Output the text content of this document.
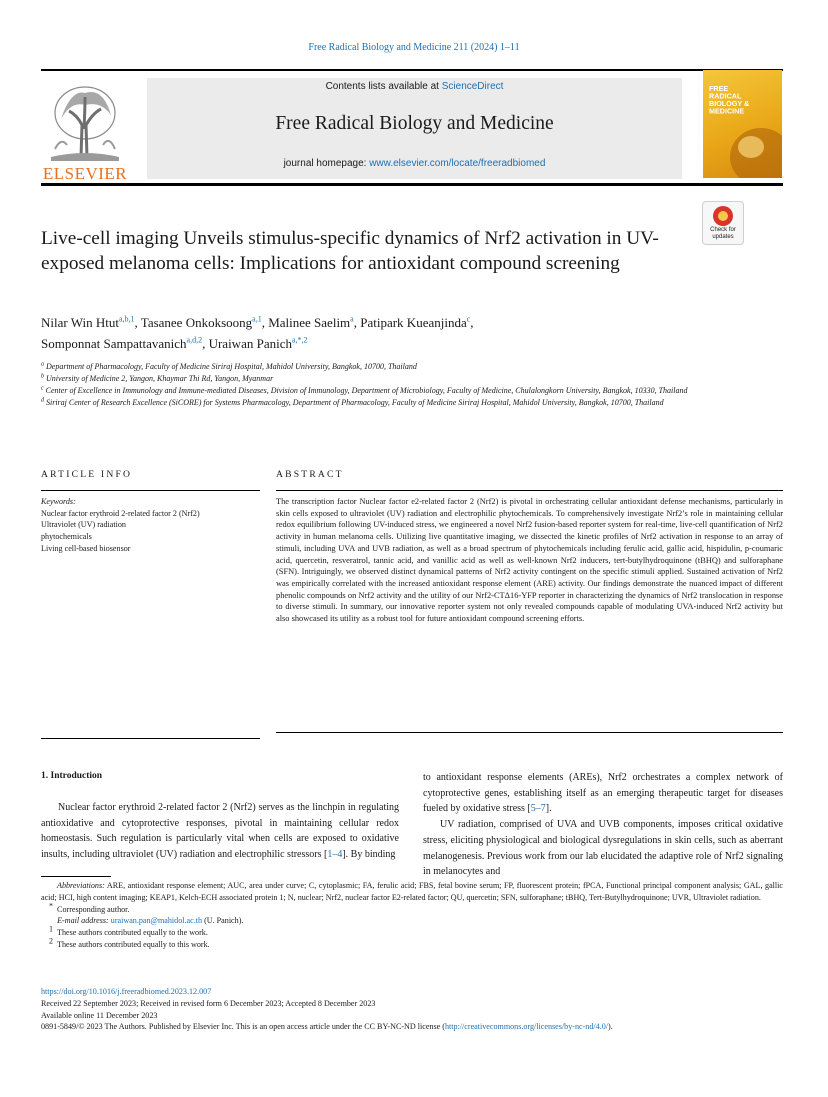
Free Radical Biology and Medicine 211 (2024) 1–11
ELSEVIER
Contents lists available at ScienceDirect
Free Radical Biology and Medicine
journal homepage: www.elsevier.com/locate/freeradbiomed
FREE RADICAL BIOLOGY & MEDICINE
Check for
updates
Live-cell imaging Unveils stimulus-specific dynamics of Nrf2 activation in UV-exposed melanoma cells: Implications for antioxidant compound screening
Nilar Win Htut$^{a,b,1}$, Tasanee Onkoksoong$^{a,1}$, Malinee Saelim$^a$, Patipark Kueanjinda$^c$,
Somponnat Sampattavanich$^{a,d,2}$, Uraiwan Panich$^{a,*,2}$

$^a$ Department of Pharmacology, Faculty of Medicine Siriraj Hospital, Mahidol University, Bangkok, 10700, Thailand

$^b$ University of Medicine 2, Yangon, Khaymar Thi Rd, Yangon, Myanmar

$^c$ Center of Excellence in Immunology and Immune-mediated Diseases, Division of Immunology, Department of Microbiology, Faculty of Medicine, Chulalongkorn University, Bangkok, 10330, Thailand

$^d$ Siriraj Center of Research Excellence (SiCORE) for Systems Pharmacology, Department of Pharmacology, Faculty of Medicine Siriraj Hospital, Mahidol University, Bangkok, 10700, Thailand

ARTICLE INFO	ABSTRACT
Keywords:
Nuclear factor erythroid 2-related factor 2 (Nrf2)
Ultraviolet (UV) radiation
phytochemicals
Living cell-based biosensor
The transcription factor Nuclear factor e2-related factor 2 (Nrf2) is pivotal in orchestrating cellular antioxidant defense mechanisms, particularly in skin cells exposed to ultraviolet (UV) radiation and electrophilic phytochemicals. To comprehensively investigate Nrf2’s role in maintaining cellular redox equilibrium following UV-induced stress, we engineered a novel Nrf2 fusion-based reporter system for real-time, live-cell quantification of Nrf2 activity in human melanoma cells. Utilizing live quantitative imaging, we dissected the kinetic profiles of Nrf2 activation in response to an array of stimuli, including UVA and UVB radiation, as well as a broad spectrum of phytochemicals including ferulic acid, gallic acid, hispidulin, p-coumaric acid, quercetin, resveratrol, tannic acid, and vanillic acid as well as well-known Nrf2 inducers, tert-butylhydroquinone (tBHQ) and sulforaphane (SFN). Intriguingly, we observed distinct dynamical patterns of Nrf2 activity contingent on the specific stimuli applied. Sustained activation of Nrf2 was empirically correlated with the increased antioxidant response element (ARE) activity. Our findings demonstrate the nuanced impact of different phenolic compounds on Nrf2 activity and the utility of our Nrf2-CTΔ16-YFP reporter in characterizing the dynamics of Nrf2 translocation in response to diverse stimuli. In summary, our innovative reporter system not only revealed compounds capable of modulating UVA-induced Nrf2 activity but also showcased its utility as a robust tool for future antioxidant compound screening efforts.
1. Introduction

Nuclear factor erythroid 2-related factor 2 (Nrf2) serves as the linchpin in regulating antioxidative and cytoprotective responses, pivotal in maintaining cellular redox homeostasis. Such regulation is particularly vital when cells are exposed to oxidative insults, including ultraviolet (UV) radiation and electrophilic stressors [1–4]. By binding

to antioxidant response elements (AREs), Nrf2 orchestrates a complex network of cytoprotective genes, establishing itself as an emerging therapeutic target for diseases fueled by oxidative stress [5–7].

UV radiation, comprised of UVA and UVB components, imposes critical oxidative stress, eliciting physiological and biological dysregulations in skin cells, such as aberrant melanogenesis. Previous work from our lab elucidated the adaptive role of Nrf2 signaling in melanocytes and

Abbreviations: ARE, antioxidant response element; AUC, area under curve; C, cytoplasmic; FA, ferulic acid; FBS, fetal bovine serum; FP, fluorescent protein; fPCA, Functional principal component analysis; GAL, gallic acid; HCI, high content imaging; KEAP1, Kelch-ECH associated protein 1; N, nuclear; Nrf2, nuclear factor E2-related factor; QU, quercetin; SFN, sulforaphane; tBHQ, Tert-Butylhydroquinone; UVR, Ultraviolet radiation.

* Corresponding author.

E-mail address: uraiwan.pan@mahidol.ac.th (U. Panich).

$^1$ These authors contributed equally to the work.

$^2$ These authors contributed equally to this work.

https://doi.org/10.1016/j.freeradbiomed.2023.12.007

Received 22 September 2023; Received in revised form 6 December 2023; Accepted 8 December 2023

Available online 11 December 2023

0891-5849/© 2023 The Authors. Published by Elsevier Inc. This is an open access article under the CC BY-NC-ND license (http://creativecommons.org/licenses/by-nc-nd/4.0/).
